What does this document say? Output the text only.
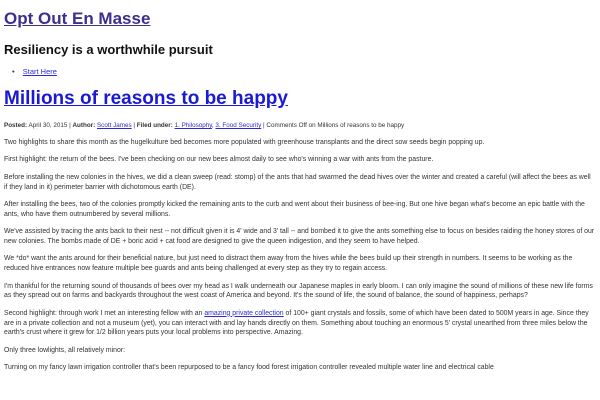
Opt Out En Masse
Resiliency is a worthwhile pursuit
• Start Here
Millions of reasons to be happy
Posted: April 30, 2015 | Author: Scott James | Filed under: 1. Philosophy, 3. Food Security | Comments Off on Millions of reasons to be happy

Two highlights to share this month as the hugelkulture bed becomes more populated with greenhouse transplants and the direct sow seeds begin popping up.

First highlight: the return of the bees. I've been checking on our new bees almost daily to see who's winning a war with ants from the pasture.

Before installing the new colonies in the hives, we did a clean sweep (read: stomp) of the ants that had swarmed the dead hives over the winter and created a careful (will affect the bees as well if they land in it) perimeter barrier with dichotomous earth (DE).

After installing the bees, two of the colonies promptly kicked the remaining ants to the curb and went about their business of bee-ing. But one hive began what's become an epic battle with the ants, who have them outnumbered by several millions.

We've assisted by tracing the ants back to their nest -- not difficult given it is 4' wide and 3' tall -- and bombed it to give the ants something else to focus on besides raiding the honey stores of our new colonies. The bombs made of DE + boric acid + cat food are designed to give the queen indigestion, and they seem to have helped.

We *do* want the ants around for their beneficial nature, but just need to distract them away from the hives while the bees build up their strength in numbers. It seems to be working as the reduced hive entrances now feature multiple bee guards and ants being challenged at every step as they try to regain access.

I'm thankful for the returning sound of thousands of bees over my head as I walk underneath our Japanese maples in early bloom. I can only imagine the sound of millions of these new life forms as they spread out on farms and backyards throughout the west coast of America and beyond. It's the sound of life, the sound of balance, the sound of happiness, perhaps?

Second highlight: through work I met an interesting fellow with an amazing private collection of 100+ giant crystals and fossils, some of which have been dated to 500M years in age. Since they are in a private collection and not a museum (yet), you can interact with and lay hands directly on them. Something about touching an enormous 5' crystal unearthed from three miles below the earth's crust where it grew for 1/2 billion years puts your local problems into perspective. Amazing.

Only three lowlights, all relatively minor:

Turning on my fancy lawn irrigation controller that's been repurposed to be a fancy food forest irrigation controller revealed multiple water line and electrical cable
